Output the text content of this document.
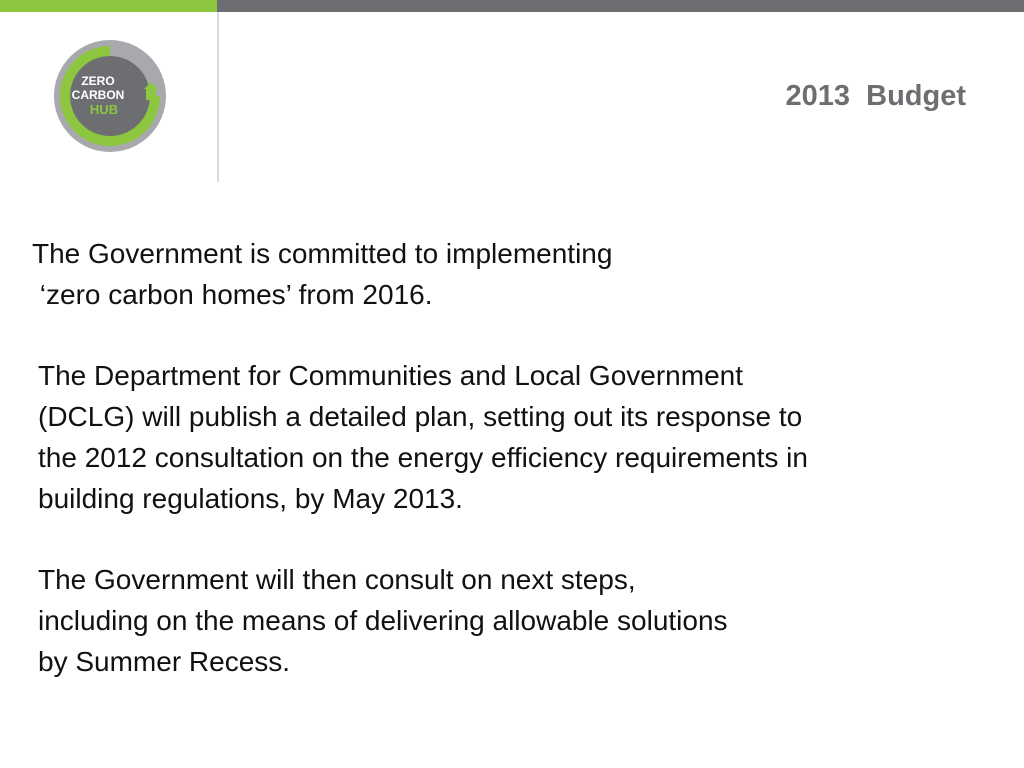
ZERO
CARBON
HUB	2013  Budget
The Government is committed to implementing
‘zero carbon homes’ from 2016.
The Department for Communities and Local Government
(DCLG) will publish a detailed plan, setting out its response to
the 2012 consultation on the energy efficiency requirements in
building regulations, by May 2013.
The Government will then consult on next steps,
including on the means of delivering allowable solutions
by Summer Recess.
